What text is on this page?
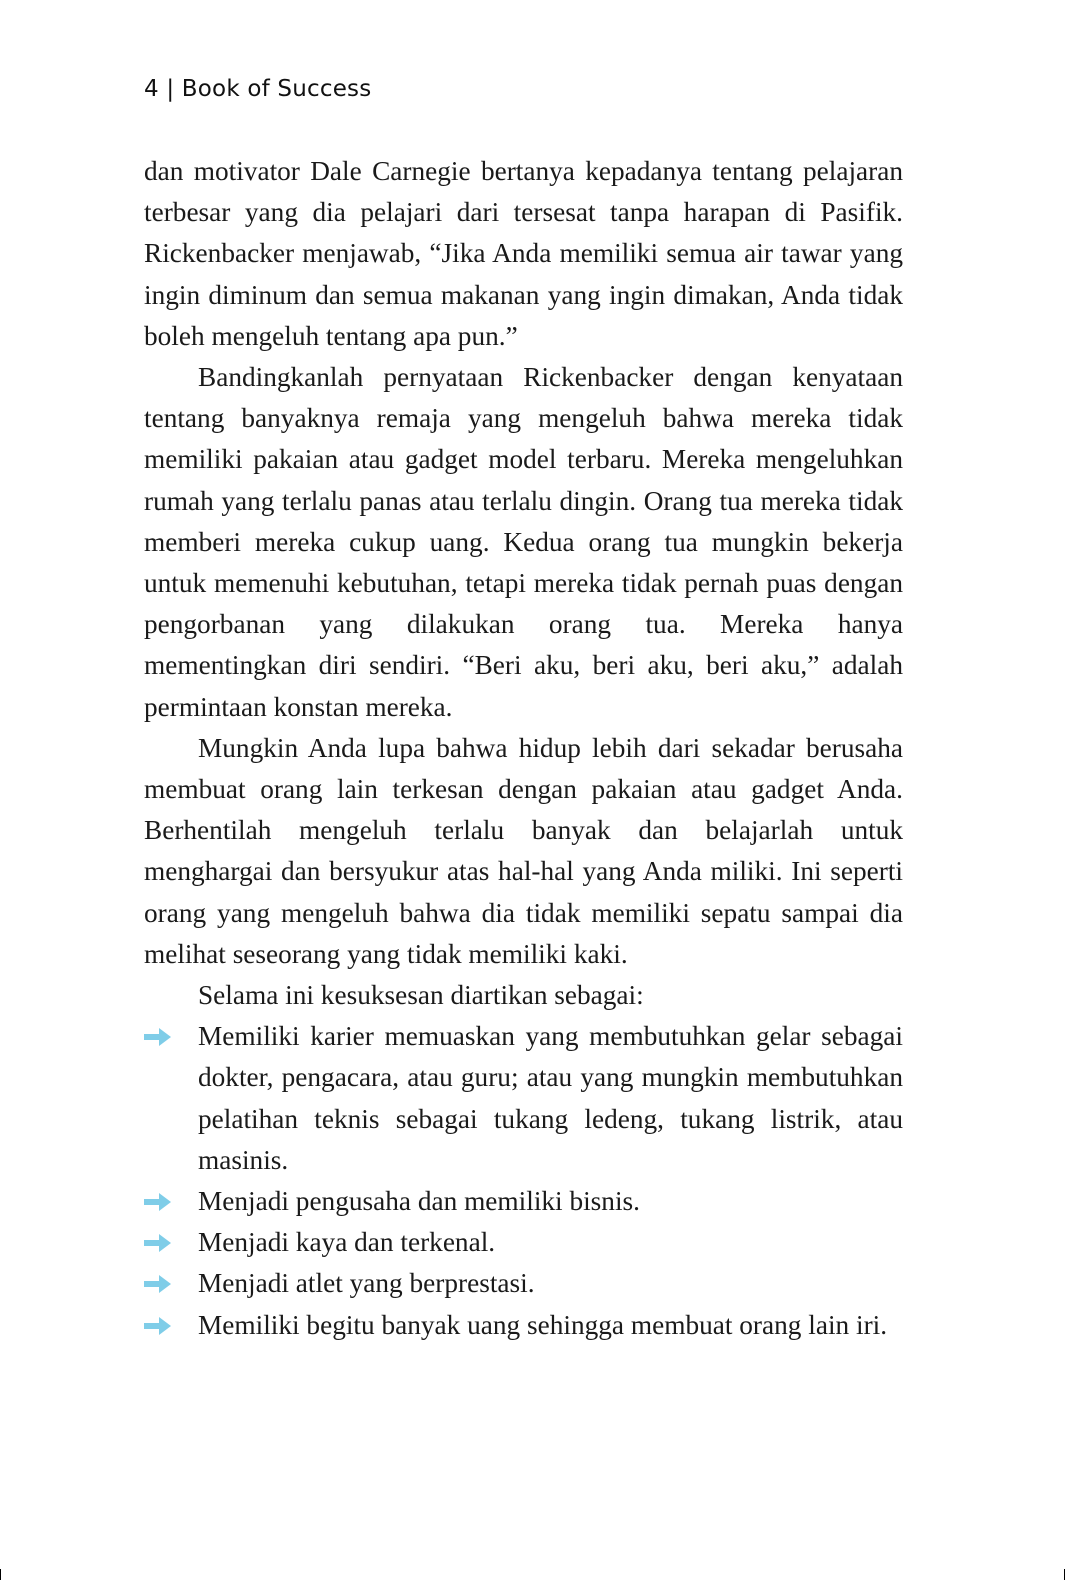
4 | Book of Success

dan motivator Dale Carnegie bertanya kepadanya tentang pelajaran terbesar yang dia pelajari dari tersesat tanpa harapan di Pasifik. Rickenbacker menjawab, “Jika Anda memiliki semua air tawar yang ingin diminum dan semua makanan yang ingin dimakan, Anda tidak boleh mengeluh tentang apa pun.”

Bandingkanlah pernyataan Rickenbacker dengan kenyataan tentang banyaknya remaja yang mengeluh bahwa mereka tidak memiliki pakaian atau gadget model terbaru. Mereka mengeluhkan rumah yang terlalu panas atau terlalu dingin. Orang tua mereka tidak memberi mereka cukup uang. Kedua orang tua mungkin bekerja untuk memenuhi kebutuhan, tetapi mereka tidak pernah puas dengan pengorbanan yang dilakukan orang tua. Mereka hanya mementingkan diri sendiri. “Beri aku, beri aku, beri aku,” adalah permintaan konstan mereka.

Mungkin Anda lupa bahwa hidup lebih dari sekadar berusaha membuat orang lain terkesan dengan pakaian atau gadget Anda. Berhentilah mengeluh terlalu banyak dan belajarlah untuk menghargai dan bersyukur atas hal-hal yang Anda miliki. Ini seperti orang yang mengeluh bahwa dia tidak memiliki sepatu sampai dia melihat seseorang yang tidak memiliki kaki.

Selama ini kesuksesan diartikan sebagai:

Memiliki karier memuaskan yang membutuhkan gelar sebagai dokter, pengacara, atau guru; atau yang mungkin membutuhkan pelatihan teknis sebagai tukang ledeng, tukang listrik, atau masinis.
Menjadi pengusaha dan memiliki bisnis.
Menjadi kaya dan terkenal.
Menjadi atlet yang berprestasi.
Memiliki begitu banyak uang sehingga membuat orang lain iri.
